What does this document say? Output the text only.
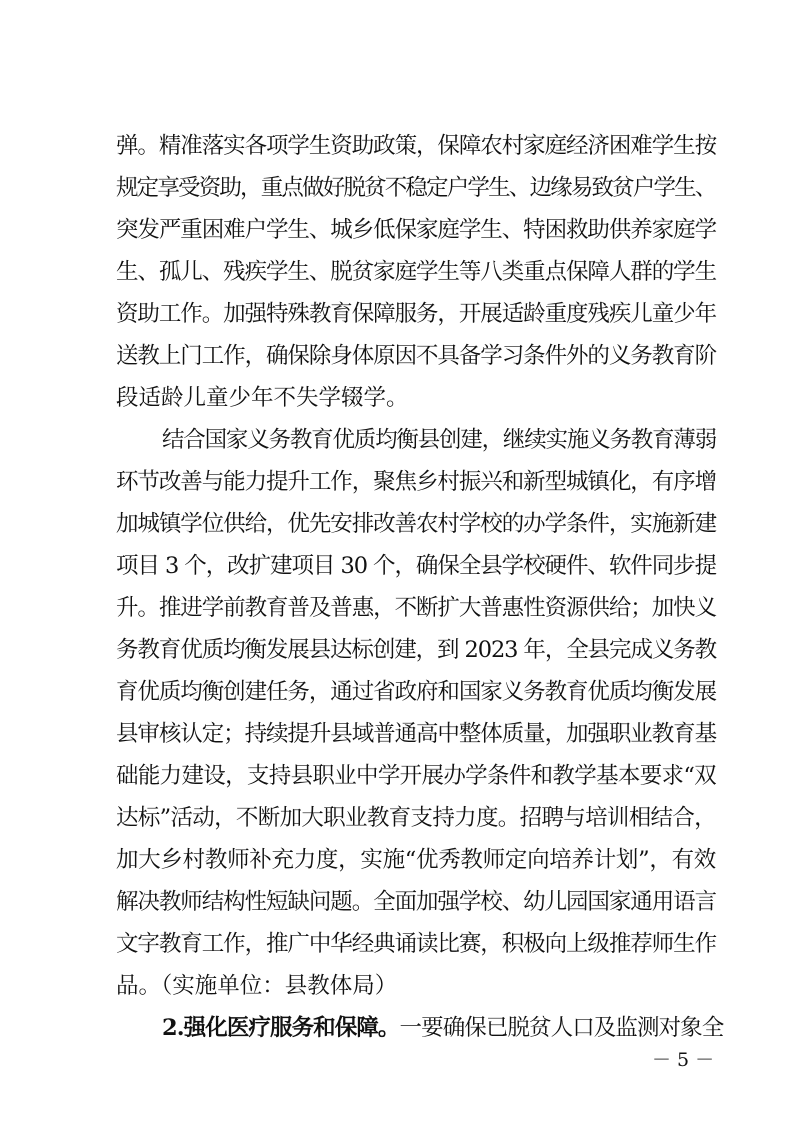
弹。精准落实各项学生资助政策，保障农村家庭经济困难学生按
规定享受资助，重点做好脱贫不稳定户学生、边缘易致贫户学生、
突发严重困难户学生、城乡低保家庭学生、特困救助供养家庭学
生、孤儿、残疾学生、脱贫家庭学生等八类重点保障人群的学生
资助工作。加强特殊教育保障服务，开展适龄重度残疾儿童少年
送教上门工作，确保除身体原因不具备学习条件外的义务教育阶
段适龄儿童少年不失学辍学。
结合国家义务教育优质均衡县创建，继续实施义务教育薄弱
环节改善与能力提升工作，聚焦乡村振兴和新型城镇化，有序增
加城镇学位供给，优先安排改善农村学校的办学条件，实施新建
项目 3 个，改扩建项目 30 个，确保全县学校硬件、软件同步提
升。推进学前教育普及普惠，不断扩大普惠性资源供给；加快义
务教育优质均衡发展县达标创建，到 2023 年，全县完成义务教
育优质均衡创建任务，通过省政府和国家义务教育优质均衡发展
县审核认定；持续提升县域普通高中整体质量，加强职业教育基
础能力建设，支持县职业中学开展办学条件和教学基本要求“双
达标”活动，不断加大职业教育支持力度。招聘与培训相结合，
加大乡村教师补充力度，实施“优秀教师定向培养计划”，有效
解决教师结构性短缺问题。全面加强学校、幼儿园国家通用语言
文字教育工作，推广中华经典诵读比赛，积极向上级推荐师生作
品。（实施单位：县教体局）
2.强化医疗服务和保障。一要确保已脱贫人口及监测对象全
－ 5 －
